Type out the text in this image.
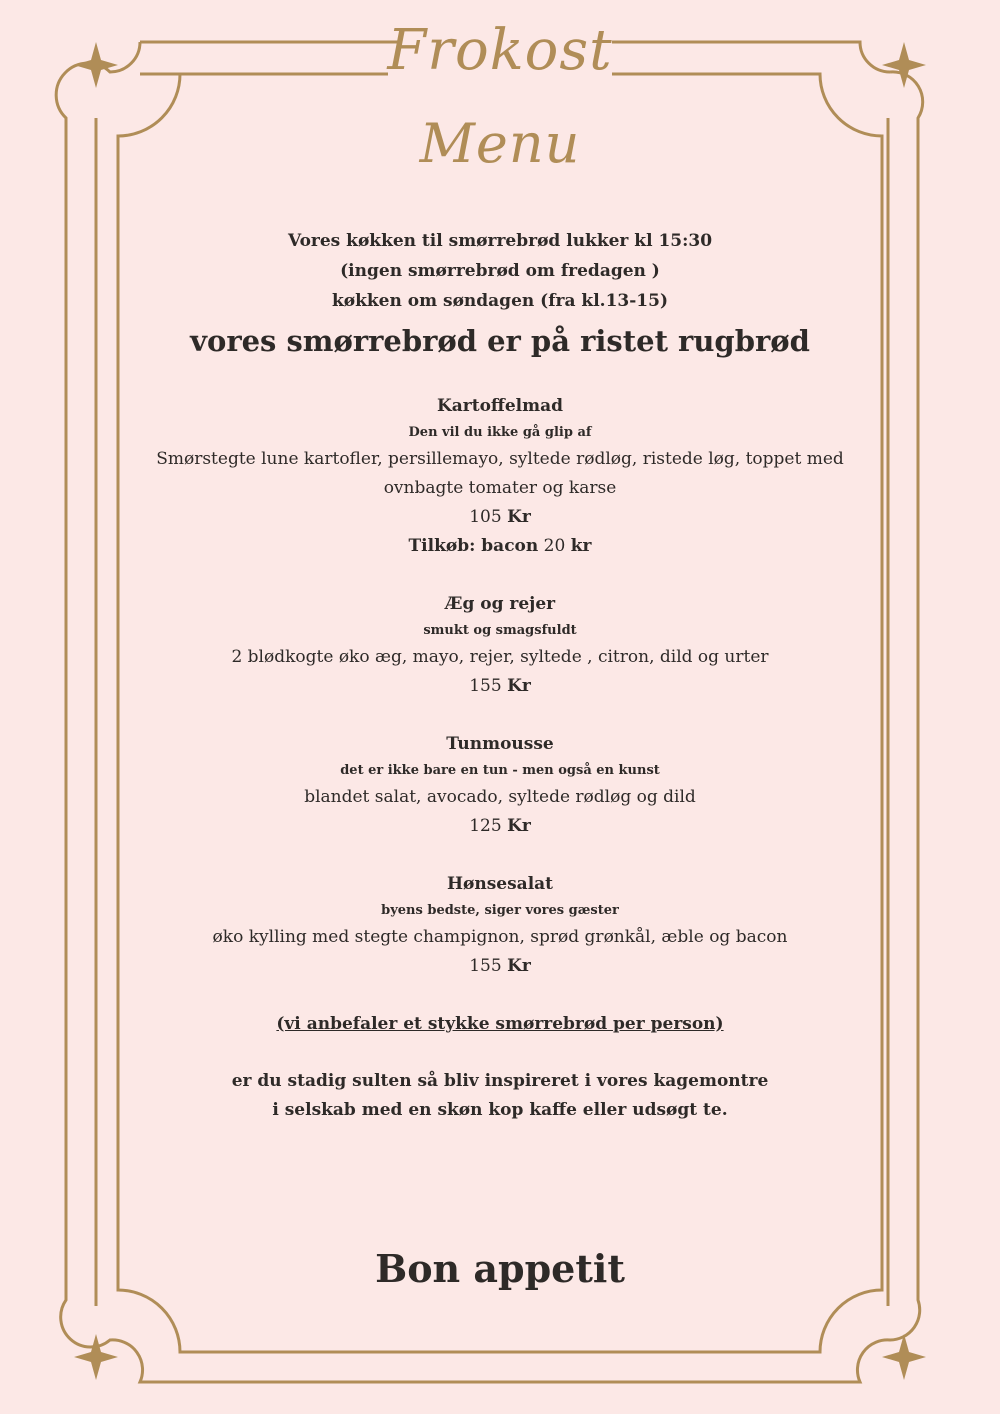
Frokost
Menu
Vores køkken til smørrebrød lukker kl 15:30
(ingen smørrebrød om fredagen )
køkken om søndagen (fra kl.13-15)
vores smørrebrød er på ristet rugbrød
Kartoffelmad
Den vil du ikke gå glip af
Smørstegte lune kartofler, persillemayo, syltede rødløg, ristede løg, toppet med
ovnbagte tomater og karse
105 Kr
Tilkøb: bacon 20 kr
Æg og rejer
smukt og smagsfuldt
2 blødkogte øko æg, mayo, rejer, syltede , citron, dild og urter
155 Kr
Tunmousse
det er ikke bare en tun - men også en kunst
blandet salat, avocado, syltede rødløg og dild
125 Kr
Hønsesalat
byens bedste, siger vores gæster
øko kylling med stegte champignon, sprød grønkål, æble og bacon
155 Kr
(vi anbefaler et stykke smørrebrød per person)
er du stadig sulten så bliv inspireret i vores kagemontre
i selskab med en skøn kop kaffe eller udsøgt te.
Bon appetit
